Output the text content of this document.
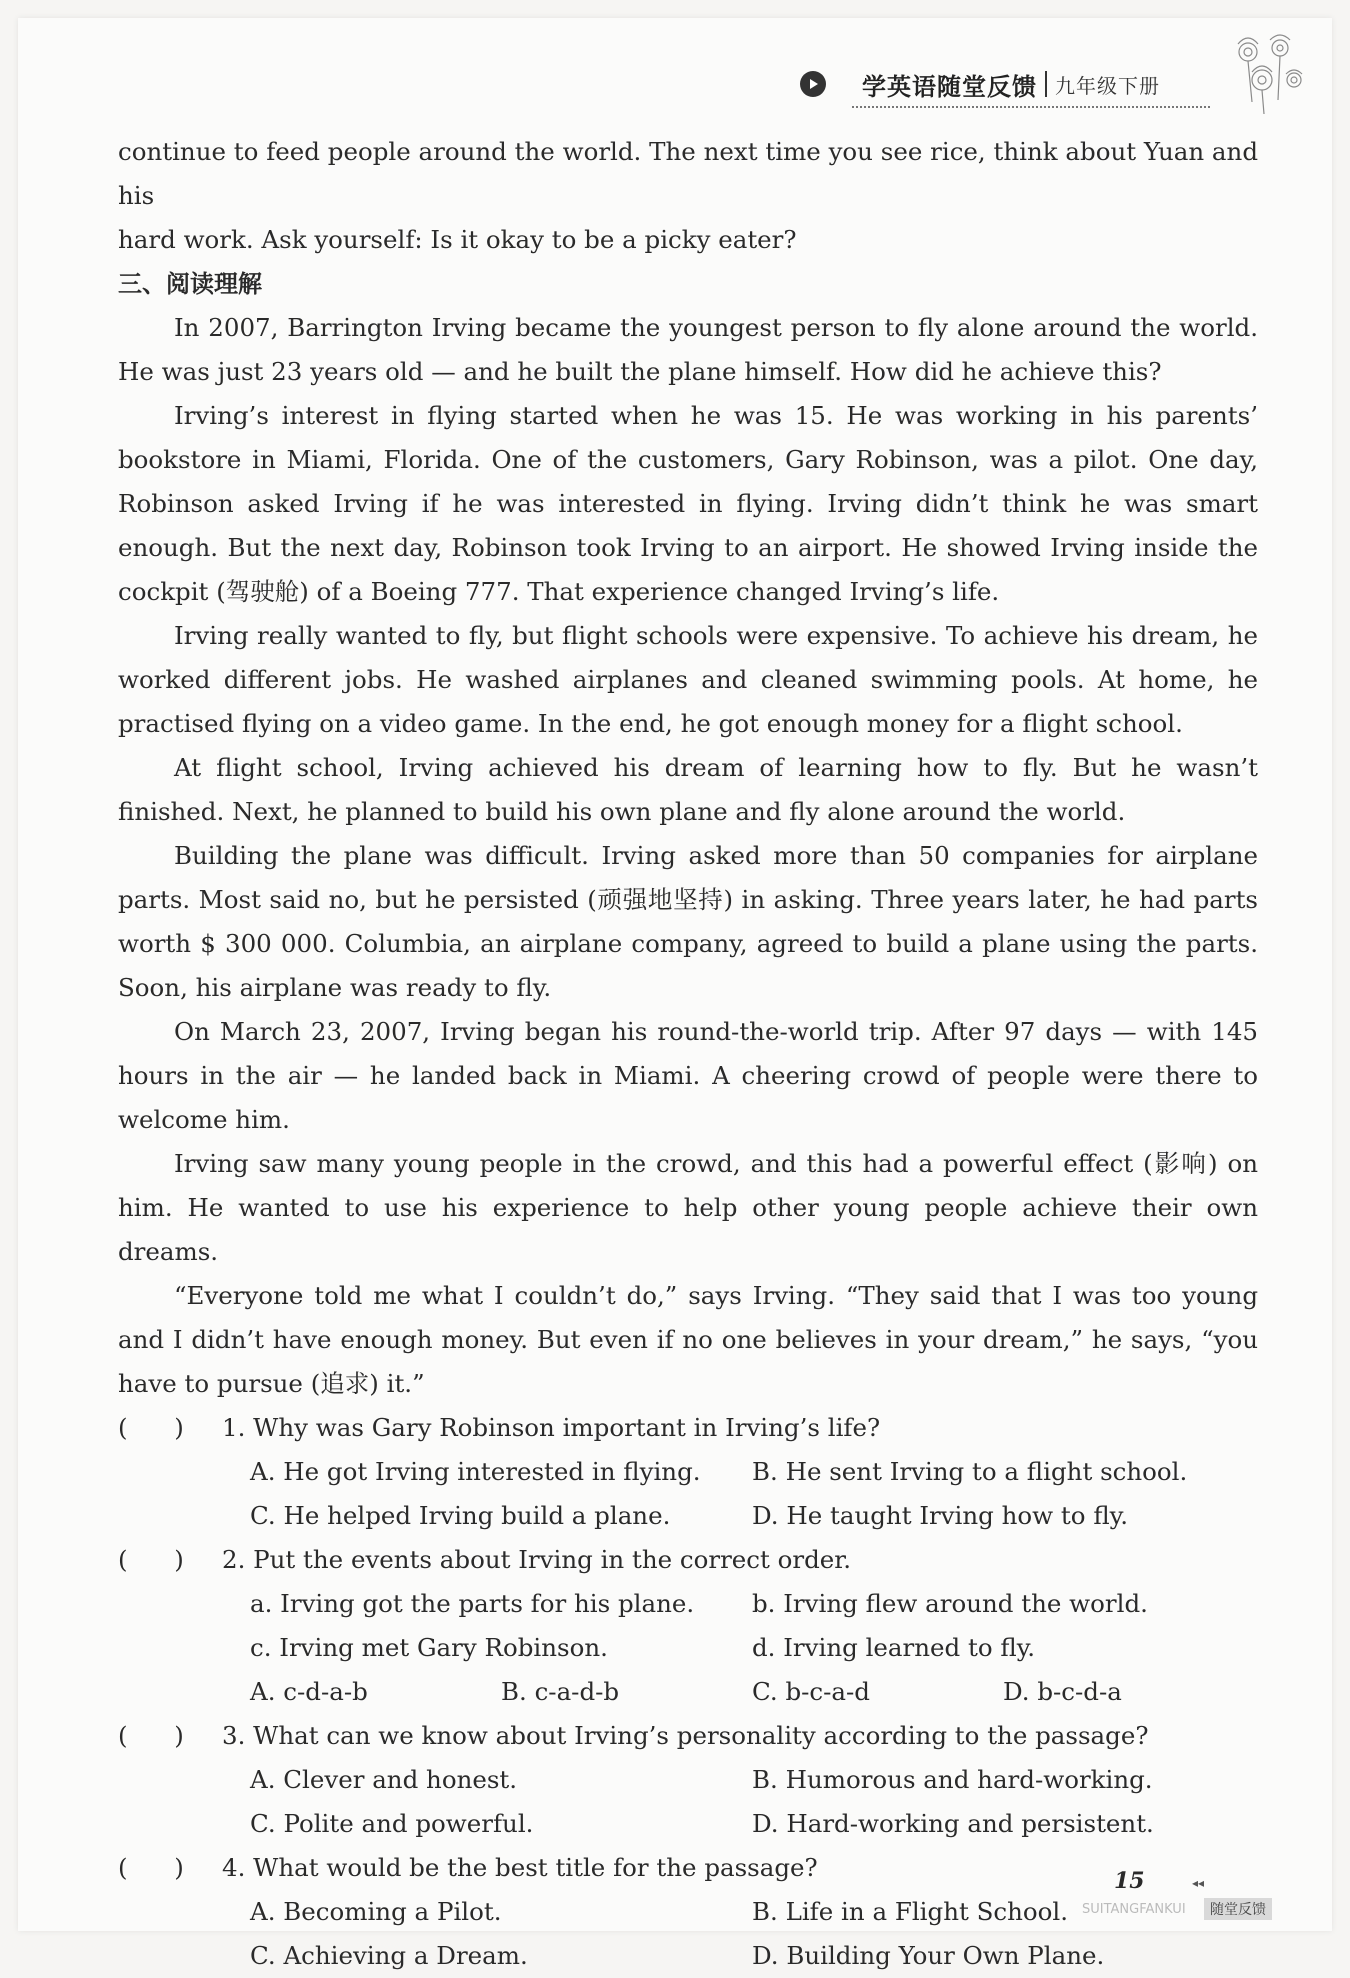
学英语随堂反馈 九年级下册

continue to feed people around the world. The next time you see rice, think about Yuan and his

hard work. Ask yourself: Is it okay to be a picky eater?

三、阅读理解

In 2007, Barrington Irving became the youngest person to fly alone around the world. He was just 23 years old — and he built the plane himself. How did he achieve this?

Irving’s interest in flying started when he was 15. He was working in his parents’ bookstore in Miami, Florida. One of the customers, Gary Robinson, was a pilot. One day, Robinson asked Irving if he was interested in flying. Irving didn’t think he was smart enough. But the next day, Robinson took Irving to an airport. He showed Irving inside the cockpit (驾驶舱) of a Boeing 777. That experience changed Irving’s life.

Irving really wanted to fly, but flight schools were expensive. To achieve his dream, he worked different jobs. He washed airplanes and cleaned swimming pools. At home, he practised flying on a video game. In the end, he got enough money for a flight school.

At flight school, Irving achieved his dream of learning how to fly. But he wasn’t finished. Next, he planned to build his own plane and fly alone around the world.

Building the plane was difficult. Irving asked more than 50 companies for airplane parts. Most said no, but he persisted (顽强地坚持) in asking. Three years later, he had parts worth $ 300 000. Columbia, an airplane company, agreed to build a plane using the parts. Soon, his airplane was ready to fly.

On March 23, 2007, Irving began his round-the-world trip. After 97 days — with 145 hours in the air — he landed back in Miami. A cheering crowd of people were there to welcome him.

Irving saw many young people in the crowd, and this had a powerful effect (影响) on him. He wanted to use his experience to help other young people achieve their own dreams.

“Everyone told me what I couldn’t do,” says Irving. “They said that I was too young and I didn’t have enough money. But even if no one believes in your dream,” he says, “you have to pursue (追求) it.”

(      )	1. Why was Gary Robinson important in Irving’s life?
A. He got Irving interested in flying.	B. He sent Irving to a flight school.
C. He helped Irving build a plane.	D. He taught Irving how to fly.
(      )	2. Put the events about Irving in the correct order.
a. Irving got the parts for his plane.	b. Irving flew around the world.
c. Irving met Gary Robinson.	d. Irving learned to fly.
A. c-d-a-b	B. c-a-d-b	C. b-c-a-d	D. b-c-d-a
(      )	3. What can we know about Irving’s personality according to the passage?
A. Clever and honest.	B. Humorous and hard-working.
C. Polite and powerful.	D. Hard-working and persistent.
(      )	4. What would be the best title for the passage?
A. Becoming a Pilot.	B. Life in a Flight School.
C. Achieving a Dream.	D. Building Your Own Plane.
15	◂◂
SUITANGFANKUI	随堂反馈
